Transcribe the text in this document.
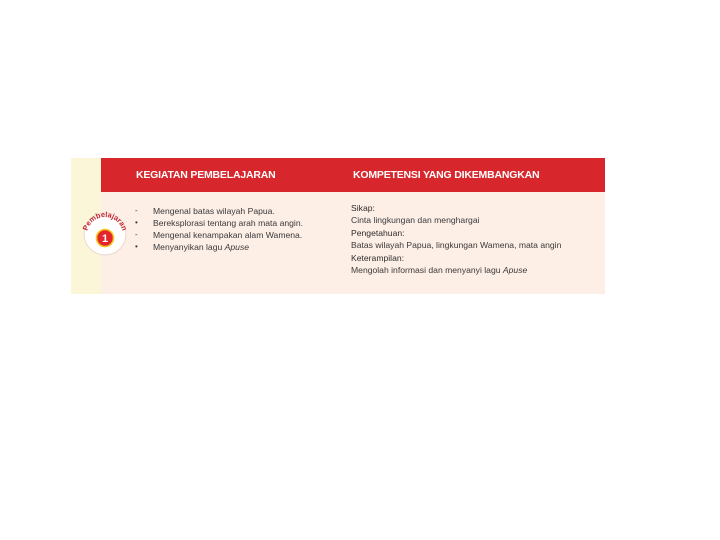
KEGIATAN PEMBELAJARAN	KOMPETENSI YANG DIKEMBANGKAN
Pembelajaran
1
- Mengenal batas wilayah Papua.
• Bereksplorasi tentang arah mata angin.
- Mengenal kenampakan alam Wamena.
• Menyanyikan lagu Apuse
Sikap:
Cinta lingkungan dan menghargai
Pengetahuan:
Batas wilayah Papua, lingkungan Wamena, mata angin
Keterampilan:
Mengolah informasi dan menyanyi lagu Apuse
